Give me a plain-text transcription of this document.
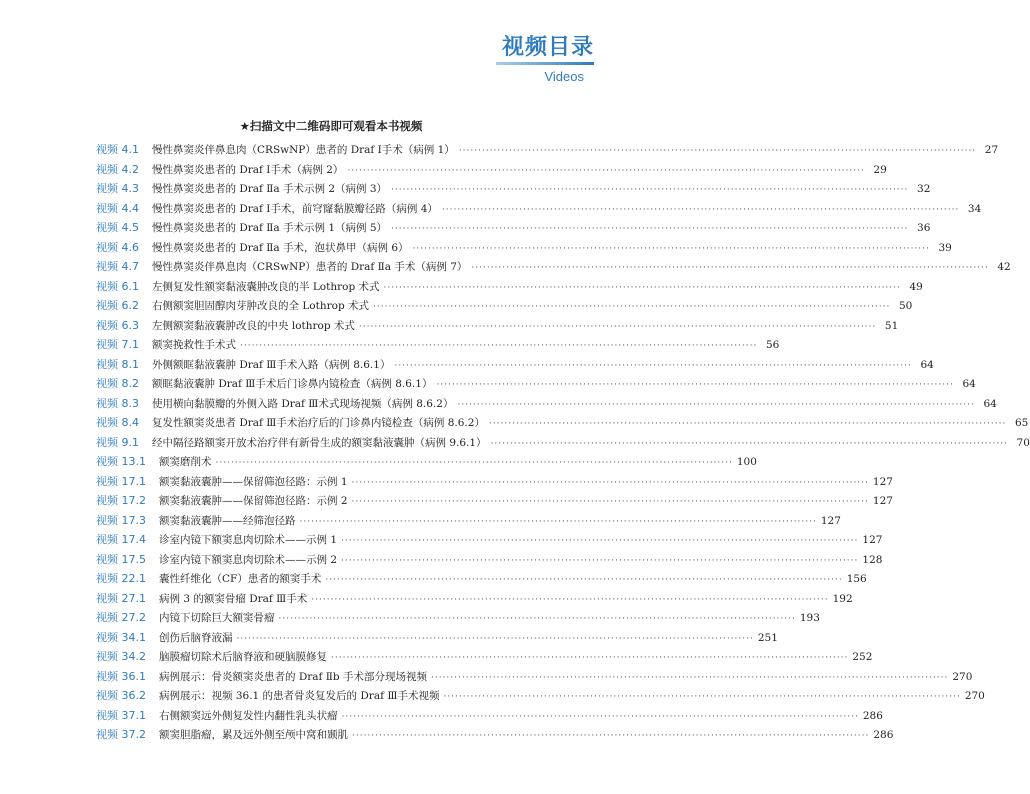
视频目录
Videos
★扫描文中二维码即可观看本书视频
视频 4.1	慢性鼻窦炎伴鼻息肉（CRSwNP）患者的 Draf Ⅰ手术（病例 1） ·····	27
视频 4.2	慢性鼻窦炎患者的 Draf Ⅰ手术（病例 2） ·····	29
视频 4.3	慢性鼻窦炎患者的 Draf Ⅱa 手术示例 2（病例 3） ·····	32
视频 4.4	慢性鼻窦炎患者的 Draf Ⅰ手术，前穹窿黏膜瓣径路（病例 4） ·····	34
视频 4.5	慢性鼻窦炎患者的 Draf Ⅱa 手术示例 1（病例 5） ·····	36
视频 4.6	慢性鼻窦炎患者的 Draf Ⅱa 手术，泡状鼻甲（病例 6） ·····	39
视频 4.7	慢性鼻窦炎伴鼻息肉（CRSwNP）患者的 Draf Ⅱa 手术（病例 7） ·····	42
视频 6.1	左侧复发性额窦黏液囊肿改良的半 Lothrop 术式 ·····	49
视频 6.2	右侧额窦胆固醇肉芽肿改良的全 Lothrop 术式 ·····	50
视频 6.3	左侧额窦黏液囊肿改良的中央 lothrop 术式 ·····	51
视频 7.1	额窦挽救性手术式 ·····	56
视频 8.1	外侧额眶黏液囊肿 Draf Ⅲ手术入路（病例 8.6.1） ·····	64
视频 8.2	额眶黏液囊肿 Draf Ⅲ手术后门诊鼻内镜检查（病例 8.6.1） ·····	64
视频 8.3	使用横向黏膜瓣的外侧入路 Draf Ⅲ术式现场视频（病例 8.6.2） ·····	64
视频 8.4	复发性额窦炎患者 Draf Ⅲ手术治疗后的门诊鼻内镜检查（病例 8.6.2） ·····	65
视频 9.1	经中隔径路额窦开放术治疗伴有新骨生成的额窦黏液囊肿（病例 9.6.1） ·····	70
视频 13.1	额窦磨削术 ·····	100
视频 17.1	额窦黏液囊肿——保留筛泡径路：示例 1 ·····	127
视频 17.2	额窦黏液囊肿——保留筛泡径路：示例 2 ·····	127
视频 17.3	额窦黏液囊肿——经筛泡径路 ·····	127
视频 17.4	诊室内镜下额窦息肉切除术——示例 1 ·····	127
视频 17.5	诊室内镜下额窦息肉切除术——示例 2 ·····	128
视频 22.1	囊性纤维化（CF）患者的额窦手术 ·····	156
视频 27.1	病例 3 的额窦骨瘤 Draf Ⅲ手术 ·····	192
视频 27.2	内镜下切除巨大额窦骨瘤 ·····	193
视频 34.1	创伤后脑脊液漏 ·····	251
视频 34.2	脑膜瘤切除术后脑脊液和硬脑膜修复 ·····	252
视频 36.1	病例展示：骨炎额窦炎患者的 Draf Ⅱb 手术部分现场视频 ·····	270
视频 36.2	病例展示：视频 36.1 的患者骨炎复发后的 Draf Ⅲ手术视频 ·····	270
视频 37.1	右侧额窦远外侧复发性内翻性乳头状瘤 ·····	286
视频 37.2	额窦胆脂瘤，累及远外侧至颅中窝和颞肌 ·····	286
